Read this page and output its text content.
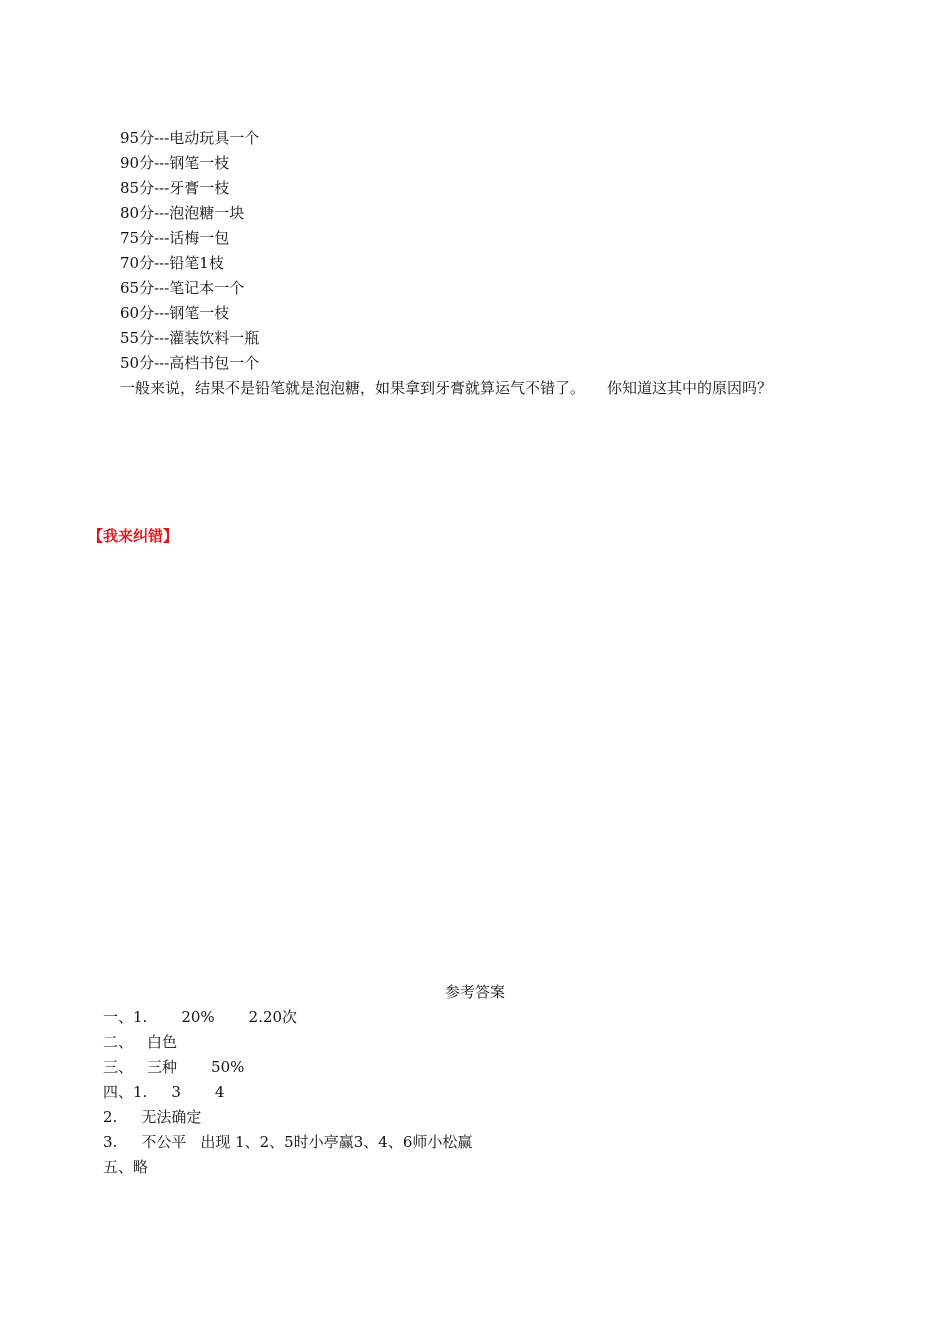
95分---电动玩具一个
90分---钢笔一枝
85分---牙膏一枝
80分---泡泡糖一块
75分---话梅一包
70分---铅笔1枝
65分---笔记本一个
60分---钢笔一枝
55分---灌装饮料一瓶
50分---高档书包一个
一般来说，结果不是铅笔就是泡泡糖，如果拿到牙膏就算运气不错了。 你知道这其中的原因吗？
【我来纠错】
参考答案
一、1. 20% 2.20次
二、 白色
三、 三种 50%
四、1. 3 4
2. 无法确定
3. 不公平 出现 1、2、5时小亭赢3、4、6师小松赢
五、略
